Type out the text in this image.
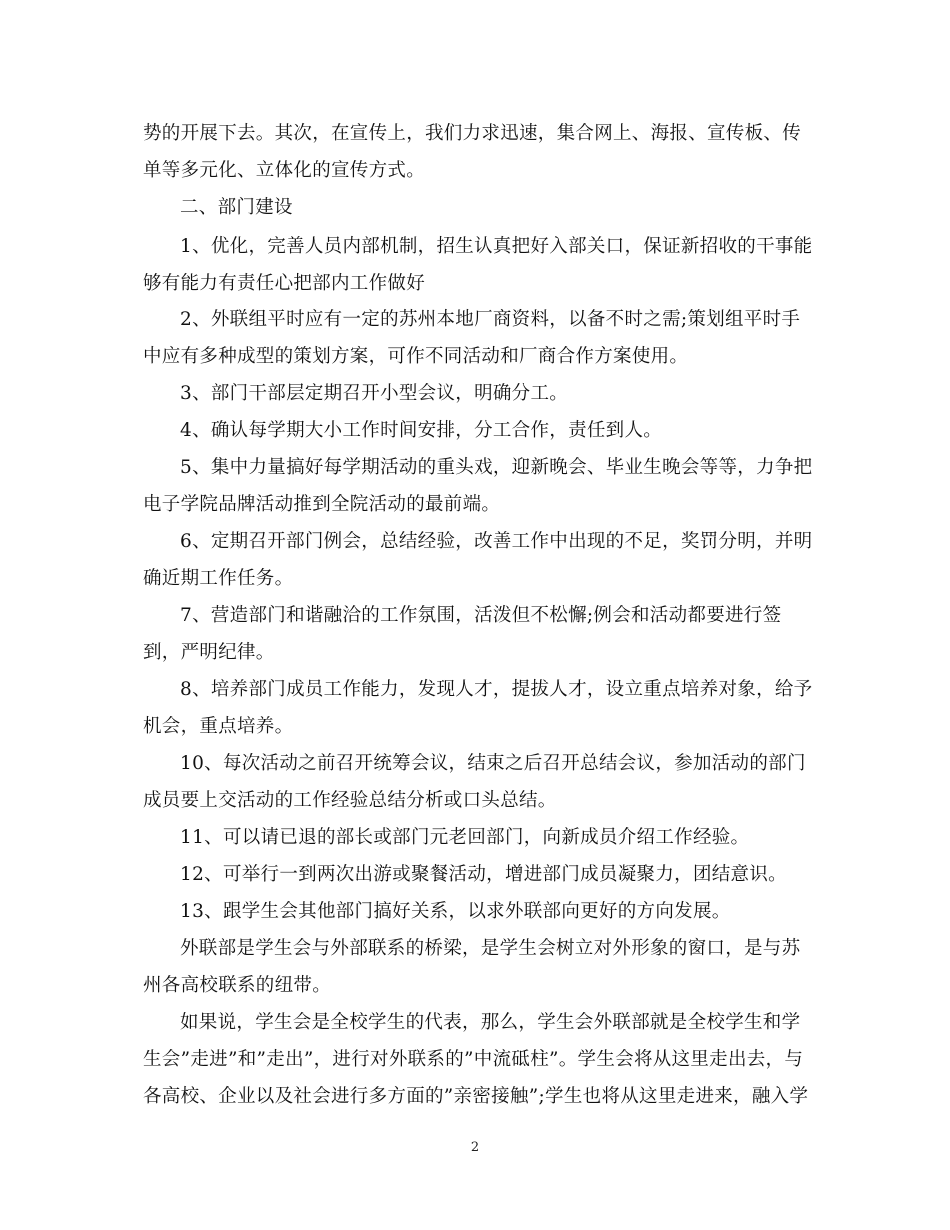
势的开展下去。其次，在宣传上，我们力求迅速，集合网上、海报、宣传板、传
单等多元化、立体化的宣传方式。
二、部门建设
1、优化，完善人员内部机制，招生认真把好入部关口，保证新招收的干事能
够有能力有责任心把部内工作做好
2、外联组平时应有一定的苏州本地厂商资料，以备不时之需;策划组平时手
中应有多种成型的策划方案，可作不同活动和厂商合作方案使用。
3、部门干部层定期召开小型会议，明确分工。
4、确认每学期大小工作时间安排，分工合作，责任到人。
5、集中力量搞好每学期活动的重头戏，迎新晚会、毕业生晚会等等，力争把
电子学院品牌活动推到全院活动的最前端。
6、定期召开部门例会，总结经验，改善工作中出现的不足，奖罚分明，并明
确近期工作任务。
7、营造部门和谐融洽的工作氛围，活泼但不松懈;例会和活动都要进行签
到，严明纪律。
8、培养部门成员工作能力，发现人才，提拔人才，设立重点培养对象，给予
机会，重点培养。
10、每次活动之前召开统筹会议，结束之后召开总结会议，参加活动的部门
成员要上交活动的工作经验总结分析或口头总结。
11、可以请已退的部长或部门元老回部门，向新成员介绍工作经验。
12、可举行一到两次出游或聚餐活动，增进部门成员凝聚力，团结意识。
13、跟学生会其他部门搞好关系，以求外联部向更好的方向发展。
外联部是学生会与外部联系的桥梁，是学生会树立对外形象的窗口，是与苏
州各高校联系的纽带。
如果说，学生会是全校学生的代表，那么，学生会外联部就是全校学生和学
生会”走进”和”走出”，进行对外联系的”中流砥柱”。学生会将从这里走出去，与
各高校、企业以及社会进行多方面的”亲密接触”;学生也将从这里走进来，融入学
2
